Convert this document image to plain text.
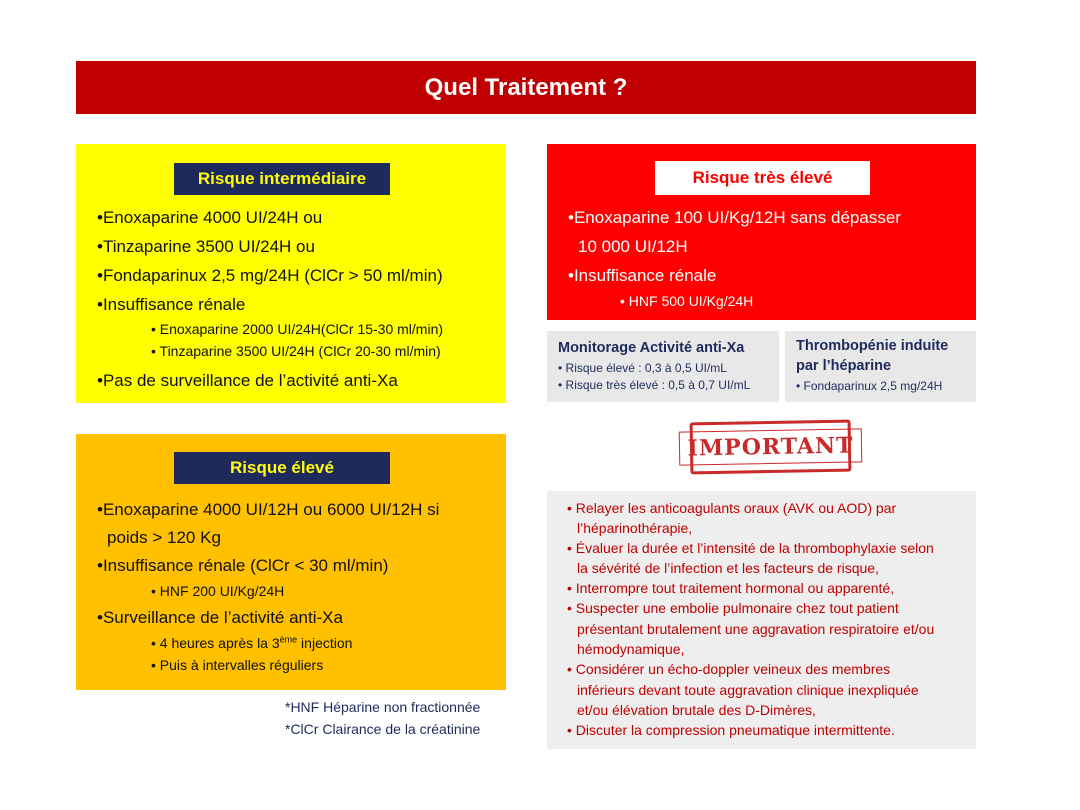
Quel Traitement ?
Risque intermédiaire
•Enoxaparine 4000 UI/24H ou
•Tinzaparine 3500 UI/24H ou
•Fondaparinux 2,5 mg/24H (ClCr > 50 ml/min)
•Insuffisance rénale
• Enoxaparine 2000 UI/24H(ClCr 15-30 ml/min)
• Tinzaparine 3500 UI/24H (ClCr 20-30 ml/min)
•Pas de surveillance de l’activité anti-Xa
Risque élevé
•Enoxaparine 4000 UI/12H ou 6000 UI/12H si
poids > 120 Kg
•Insuffisance rénale (ClCr < 30 ml/min)
• HNF 200 UI/Kg/24H
•Surveillance de l’activité anti-Xa
• 4 heures après la 3ème injection
• Puis à intervalles réguliers
Risque très élevé
•Enoxaparine 100 UI/Kg/12H sans dépasser
10 000 UI/12H
•Insuffisance rénale
• HNF 500 UI/Kg/24H
Monitorage Activité anti-Xa
• Risque élevé : 0,3 à 0,5 UI/mL
• Risque très élevé : 0,5 à 0,7 UI/mL
Thrombopénie induite
par l’héparine
• Fondaparinux 2,5 mg/24H
IMPORTANT
• Relayer les anticoagulants oraux (AVK ou AOD) par
l’héparinothérapie,
• Évaluer la durée et l’intensité de la thrombophylaxie selon
la sévérité de l’infection et les facteurs de risque,
• Interrompre tout traitement hormonal ou apparenté,
• Suspecter une embolie pulmonaire chez tout patient
présentant brutalement une aggravation respiratoire et/ou
hémodynamique,
• Considérer un écho-doppler veineux des membres
inférieurs devant toute aggravation clinique inexpliquée
et/ou élévation brutale des D-Dimères,
• Discuter la compression pneumatique intermittente.
*HNF Héparine non fractionnée
*ClCr Clairance de la créatinine
